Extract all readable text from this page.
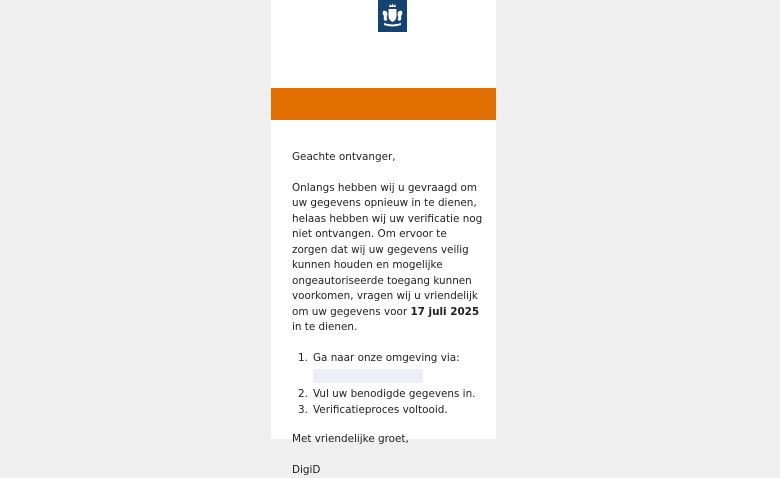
Geachte ontvanger,

Onlangs hebben wij u gevraagd om uw gegevens opnieuw in te dienen, helaas hebben wij uw verificatie nog niet ontvangen. Om ervoor te zorgen dat wij uw gegevens veilig kunnen houden en mogelijke ongeautoriseerde toegang kunnen voorkomen, vragen wij u vriendelijk om uw gegevens voor 17 juli 2025 in te dienen.

1. Ga naar onze omgeving via:
2. Vul uw benodigde gegevens in.
3. Verificatieproces voltooid.

Met vriendelijke groet,

DigiD
